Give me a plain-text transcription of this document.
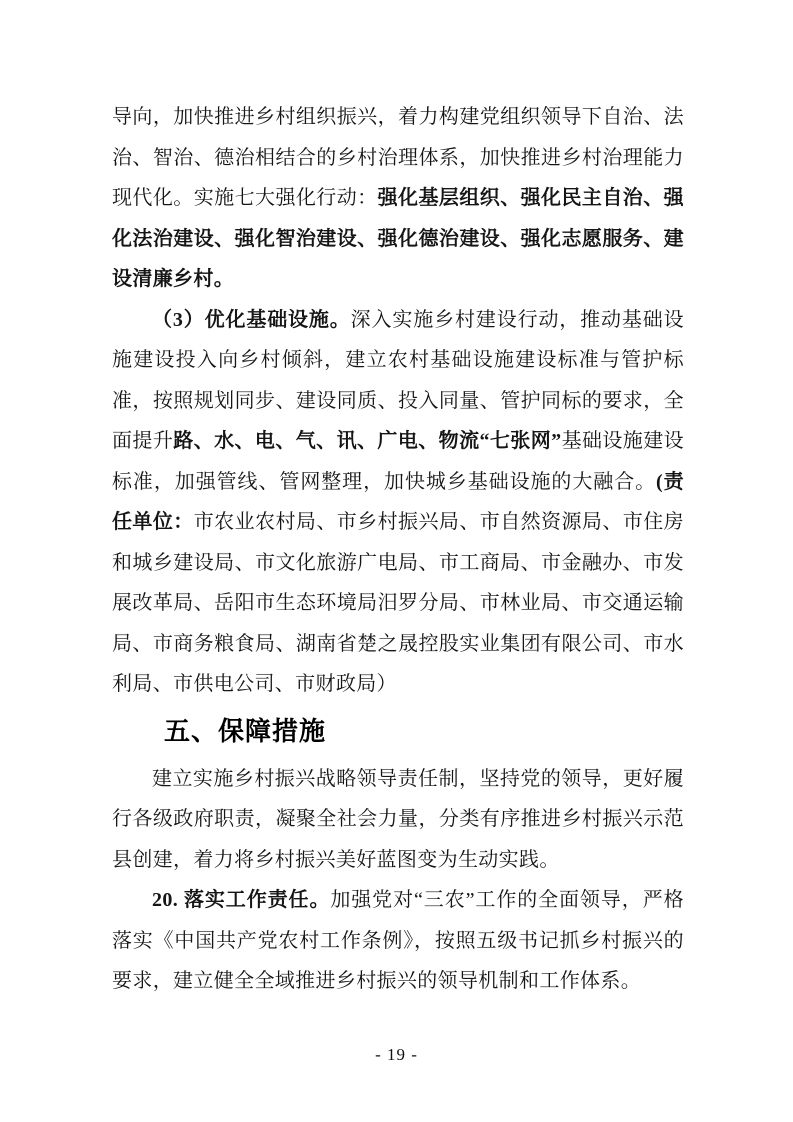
导向，加快推进乡村组织振兴，着力构建党组织领导下自治、法治、智治、德治相结合的乡村治理体系，加快推进乡村治理能力现代化。实施七大强化行动：强化基层组织、强化民主自治、强化法治建设、强化智治建设、强化德治建设、强化志愿服务、建设清廉乡村。
（3）优化基础设施。深入实施乡村建设行动，推动基础设施建设投入向乡村倾斜，建立农村基础设施建设标准与管护标准，按照规划同步、建设同质、投入同量、管护同标的要求，全面提升路、水、电、气、讯、广电、物流“七张网”基础设施建设标准，加强管线、管网整理，加快城乡基础设施的大融合。(责任单位：市农业农村局、市乡村振兴局、市自然资源局、市住房和城乡建设局、市文化旅游广电局、市工商局、市金融办、市发展改革局、岳阳市生态环境局汨罗分局、市林业局、市交通运输局、市商务粮食局、湖南省楚之晟控股实业集团有限公司、市水利局、市供电公司、市财政局）
五、保障措施
建立实施乡村振兴战略领导责任制，坚持党的领导，更好履行各级政府职责，凝聚全社会力量，分类有序推进乡村振兴示范县创建，着力将乡村振兴美好蓝图变为生动实践。
20. 落实工作责任。加强党对“三农”工作的全面领导，严格落实《中国共产党农村工作条例》，按照五级书记抓乡村振兴的要求，建立健全全域推进乡村振兴的领导机制和工作体系。
- 19 -
